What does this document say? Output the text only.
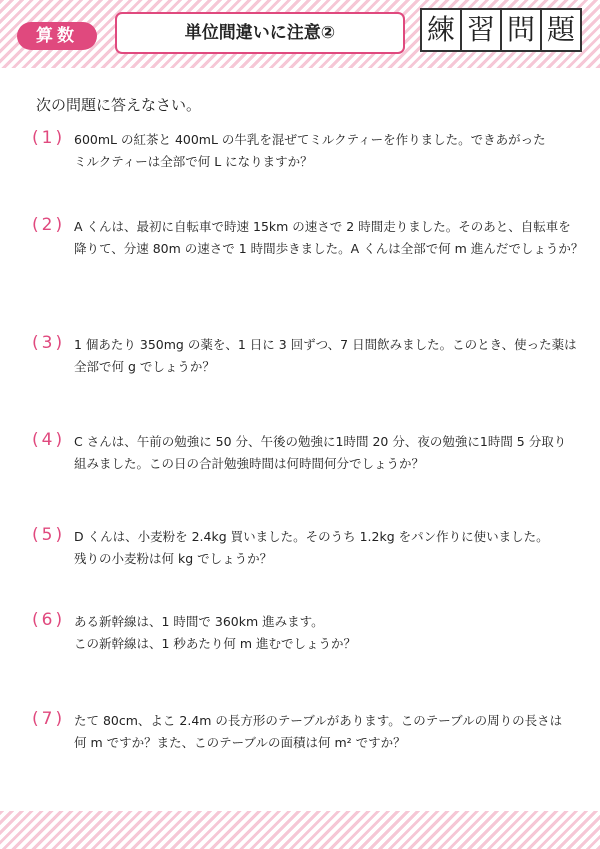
算数	単位間違いに注意②	練 習 問 題
次の問題に答えなさい。
(1) 600mL の紅茶と 400mL の牛乳を混ぜてミルクティーを作りました。できあがった
ミルクティーは全部で何 L になりますか？
(2) A くんは、最初に自転車で時速 15km の速さで 2 時間走りました。そのあと、自転車を
降りて、分速 80m の速さで 1 時間歩きました。A くんは全部で何 m 進んだでしょうか？
(3) 1 個あたり 350mg の薬を、1 日に 3 回ずつ、7 日間飲みました。このとき、使った薬は
全部で何 g でしょうか？
(4) C さんは、午前の勉強に 50 分、午後の勉強に1時間 20 分、夜の勉強に1時間 5 分取り
組みました。この日の合計勉強時間は何時間何分でしょうか？
(5) D くんは、小麦粉を 2.4kg 買いました。そのうち 1.2kg をパン作りに使いました。
残りの小麦粉は何 kg でしょうか？
(6) ある新幹線は、1 時間で 360km 進みます。
この新幹線は、1 秒あたり何 m 進むでしょうか？
(7) たて 80cm、よこ 2.4m の長方形のテーブルがあります。このテーブルの周りの長さは
何 m ですか？また、このテーブルの面積は何 m² ですか？
